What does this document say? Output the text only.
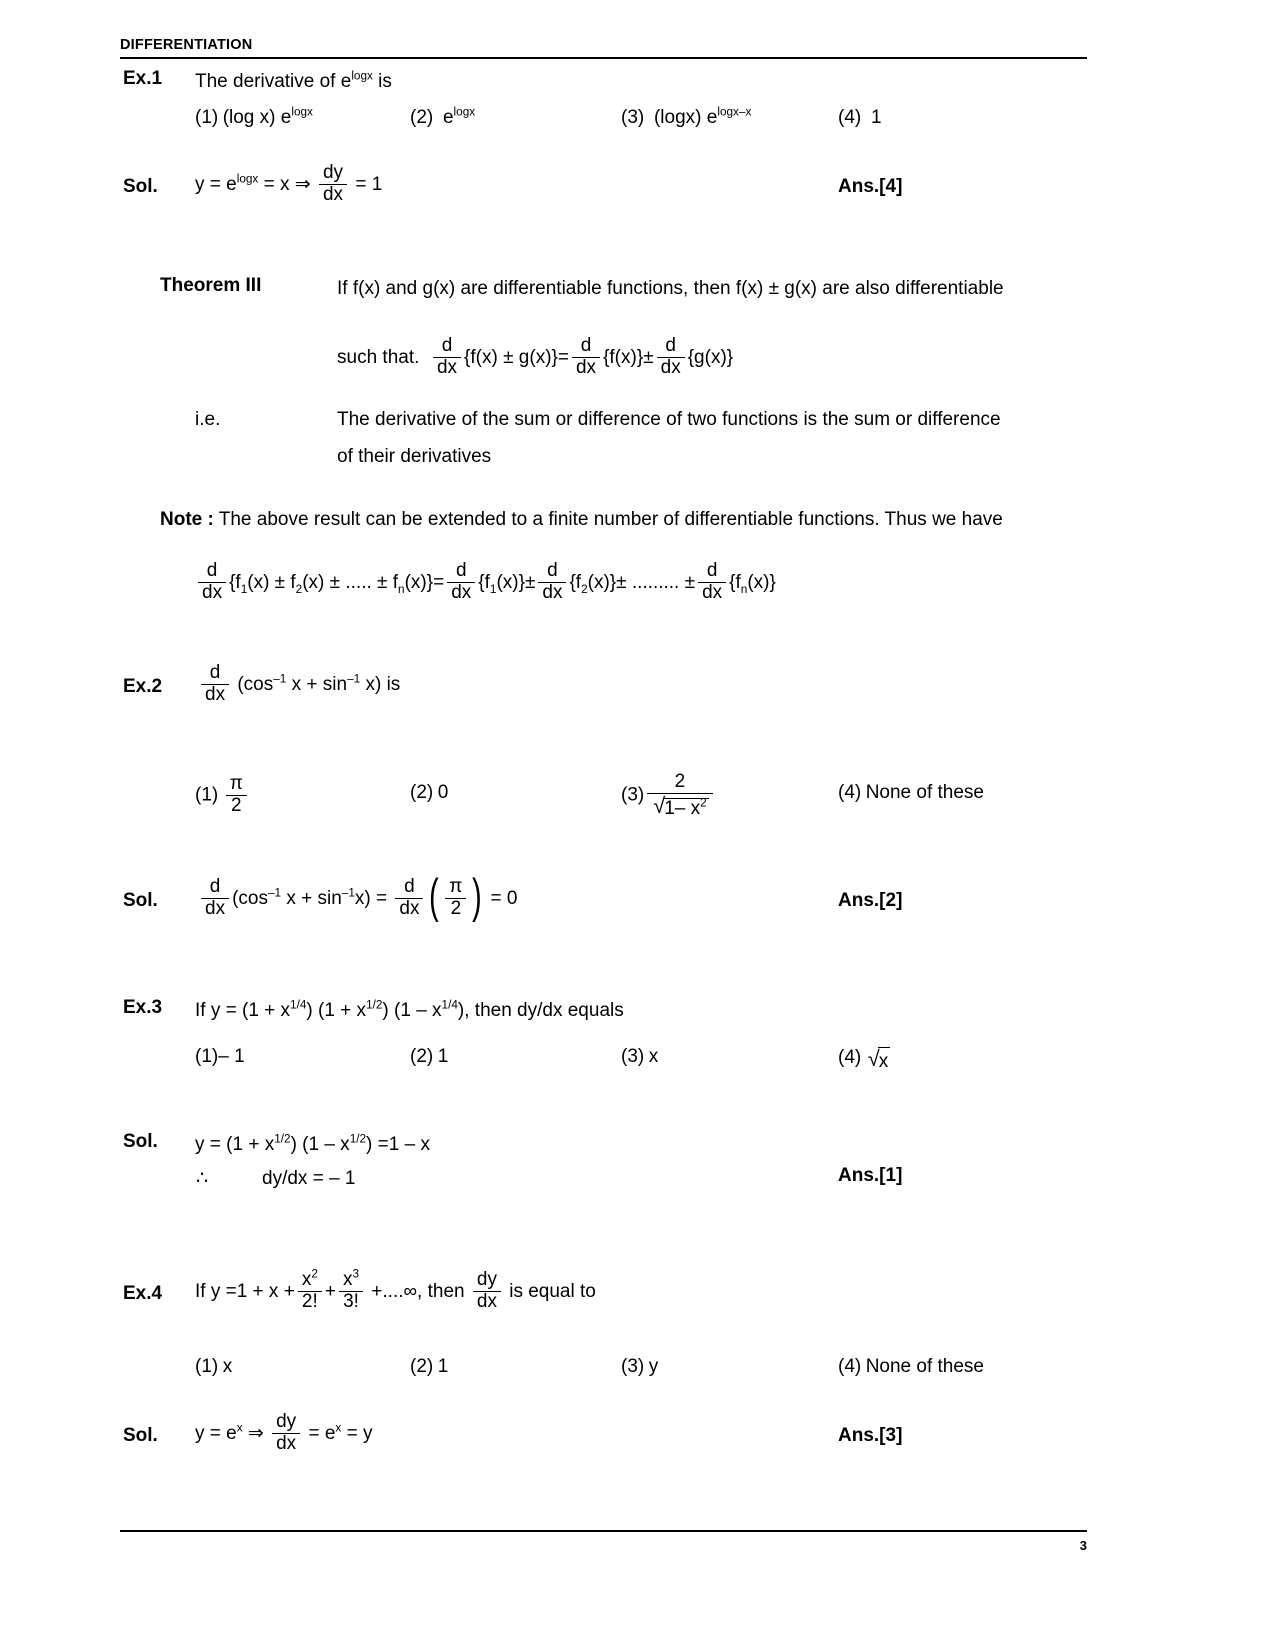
DIFFERENTIATION
Ex.1 The derivative of $e^{logx}$ is
(1) (log x) $e^{logx}$	(2) $e^{logx}$	(3) (logx) $e^{logx-x}$	(4) 1
Sol. $y = e^{logx} = x$ ⇒ $\frac{dy}{dx} = 1$	Ans.[4]
Theorem III	If f(x) and g(x) are differentiable functions, then f(x) ± g(x) are also differentiable
such that. $\frac{d}{dx} \{f(x) \pm g(x)\}= \frac{d}{dx} \{f(x)\}\pm \frac{d}{dx} \{g(x)\}$
i.e.	The derivative of the sum or difference of two functions is the sum or difference
of their derivatives
Note : The above result can be extended to a finite number of differentiable functions. Thus we have
$\frac{d}{dx} \{f_1(x) \pm f_2(x)$ ± ..... ± $f_n(x)\}= \frac{d}{dx} \{f_1(x)\}\pm \frac{d}{dx} \{f_2(x)\}\pm$ ......... ± $\frac{d}{dx} \{f_n(x)\}$
$Ex.2 \frac{d}{dx} (\cos^{-1}$ $x + \sin^{-1} x$) is
$(1) \frac{\pi}{2}$	(2) 0	$(3) \frac{2}{√1- x^2}$	(4) None of these
Sol. $\frac{d}{dx} (\cos^{-1}$ $x + \sin^{-1}x) = \frac{d}{dx}$ ( $\frac{\pi}{2}$ ) = 0	Ans.[2]
Ex.3 If $y = (1 + x^{1/4})$ $(1 + x^{1/2})$ $(1 - x^{1/4})$, then dy/dx equals
(1)– 1	(2) 1	(3) x	(4) √x
Sol. $y = (1 + x^{1/2})$ $(1 - x^{1/2}) =1 - x$
∴	dy/dx = – 1	Ans.[1]
Ex.4 If $y =1 + x + \frac{x^2}{2!} + \frac{x^3}{3!}$ +....∞, then $\frac{dy}{dx}$ is equal to
(1) x	(2) 1	(3) y	(4) None of these
Sol. $y = e^x$ ⇒ $\frac{dy}{dx} = e^x = y$	Ans.[3]
3
